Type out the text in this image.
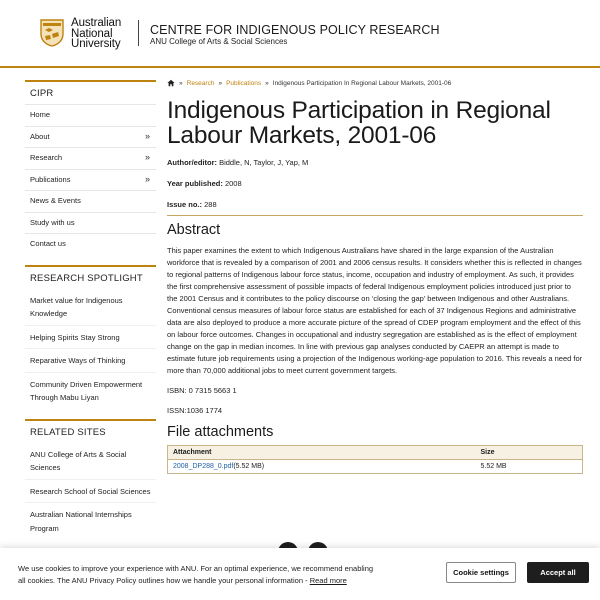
Australian
National
University
CENTRE FOR INDIGENOUS POLICY RESEARCH
ANU College of Arts & Social Sciences
CIPR
Home
About	»
Research	»
Publications	»
News & Events
Study with us
Contact us
RESEARCH SPOTLIGHT
Market value for Indigenous Knowledge
Helping Spirits Stay Strong
Reparative Ways of Thinking
Community Driven Empowerment Through Mabu Liyan
RELATED SITES
ANU College of Arts & Social Sciences
Research School of Social Sciences
Australian National Internships Program
» Research » Publications » Indigenous Participation In Regional Labour Markets, 2001-06
Indigenous Participation in Regional Labour Markets, 2001-06
Author/editor: Biddle, N, Taylor, J, Yap, M
Year published: 2008
Issue no.: 288
Abstract

This paper examines the extent to which Indigenous Australians have shared in the large expansion of the Australian workforce that is revealed by a comparison of 2001 and 2006 census results. It considers whether this is reflected in changes to regional patterns of Indigenous labour force status, income, occupation and industry of employment. As such, it provides the first comprehensive assessment of possible impacts of federal Indigenous employment policies introduced just prior to the 2001 Census and it contributes to the policy discourse on ‘closing the gap’ between Indigenous and other Australians. Conventional census measures of labour force status are established for each of 37 Indigenous Regions and administrative data are also deployed to produce a more accurate picture of the spread of CDEP program employment and the effect of this on labour force outcomes. Changes in occupational and industry segregation are established as is the effect of employment change on the gap in median incomes. In line with previous gap analyses conducted by CAEPR an attempt is made to estimate future job requirements using a projection of the Indigenous working-age population to 2016. This reveals a need for more than 70,000 additional jobs to meet current government targets.

ISBN: 0 7315 5663 1
ISSN:1036 1774
File attachments
Attachment	Size
2008_DP288_0.pdf(5.52 MB)	5.52 MB
We use cookies to improve your experience with ANU. For an optimal experience, we recommend enabling
all cookies. The ANU Privacy Policy outlines how we handle your personal information - Read more
Cookie settings	Accept all
